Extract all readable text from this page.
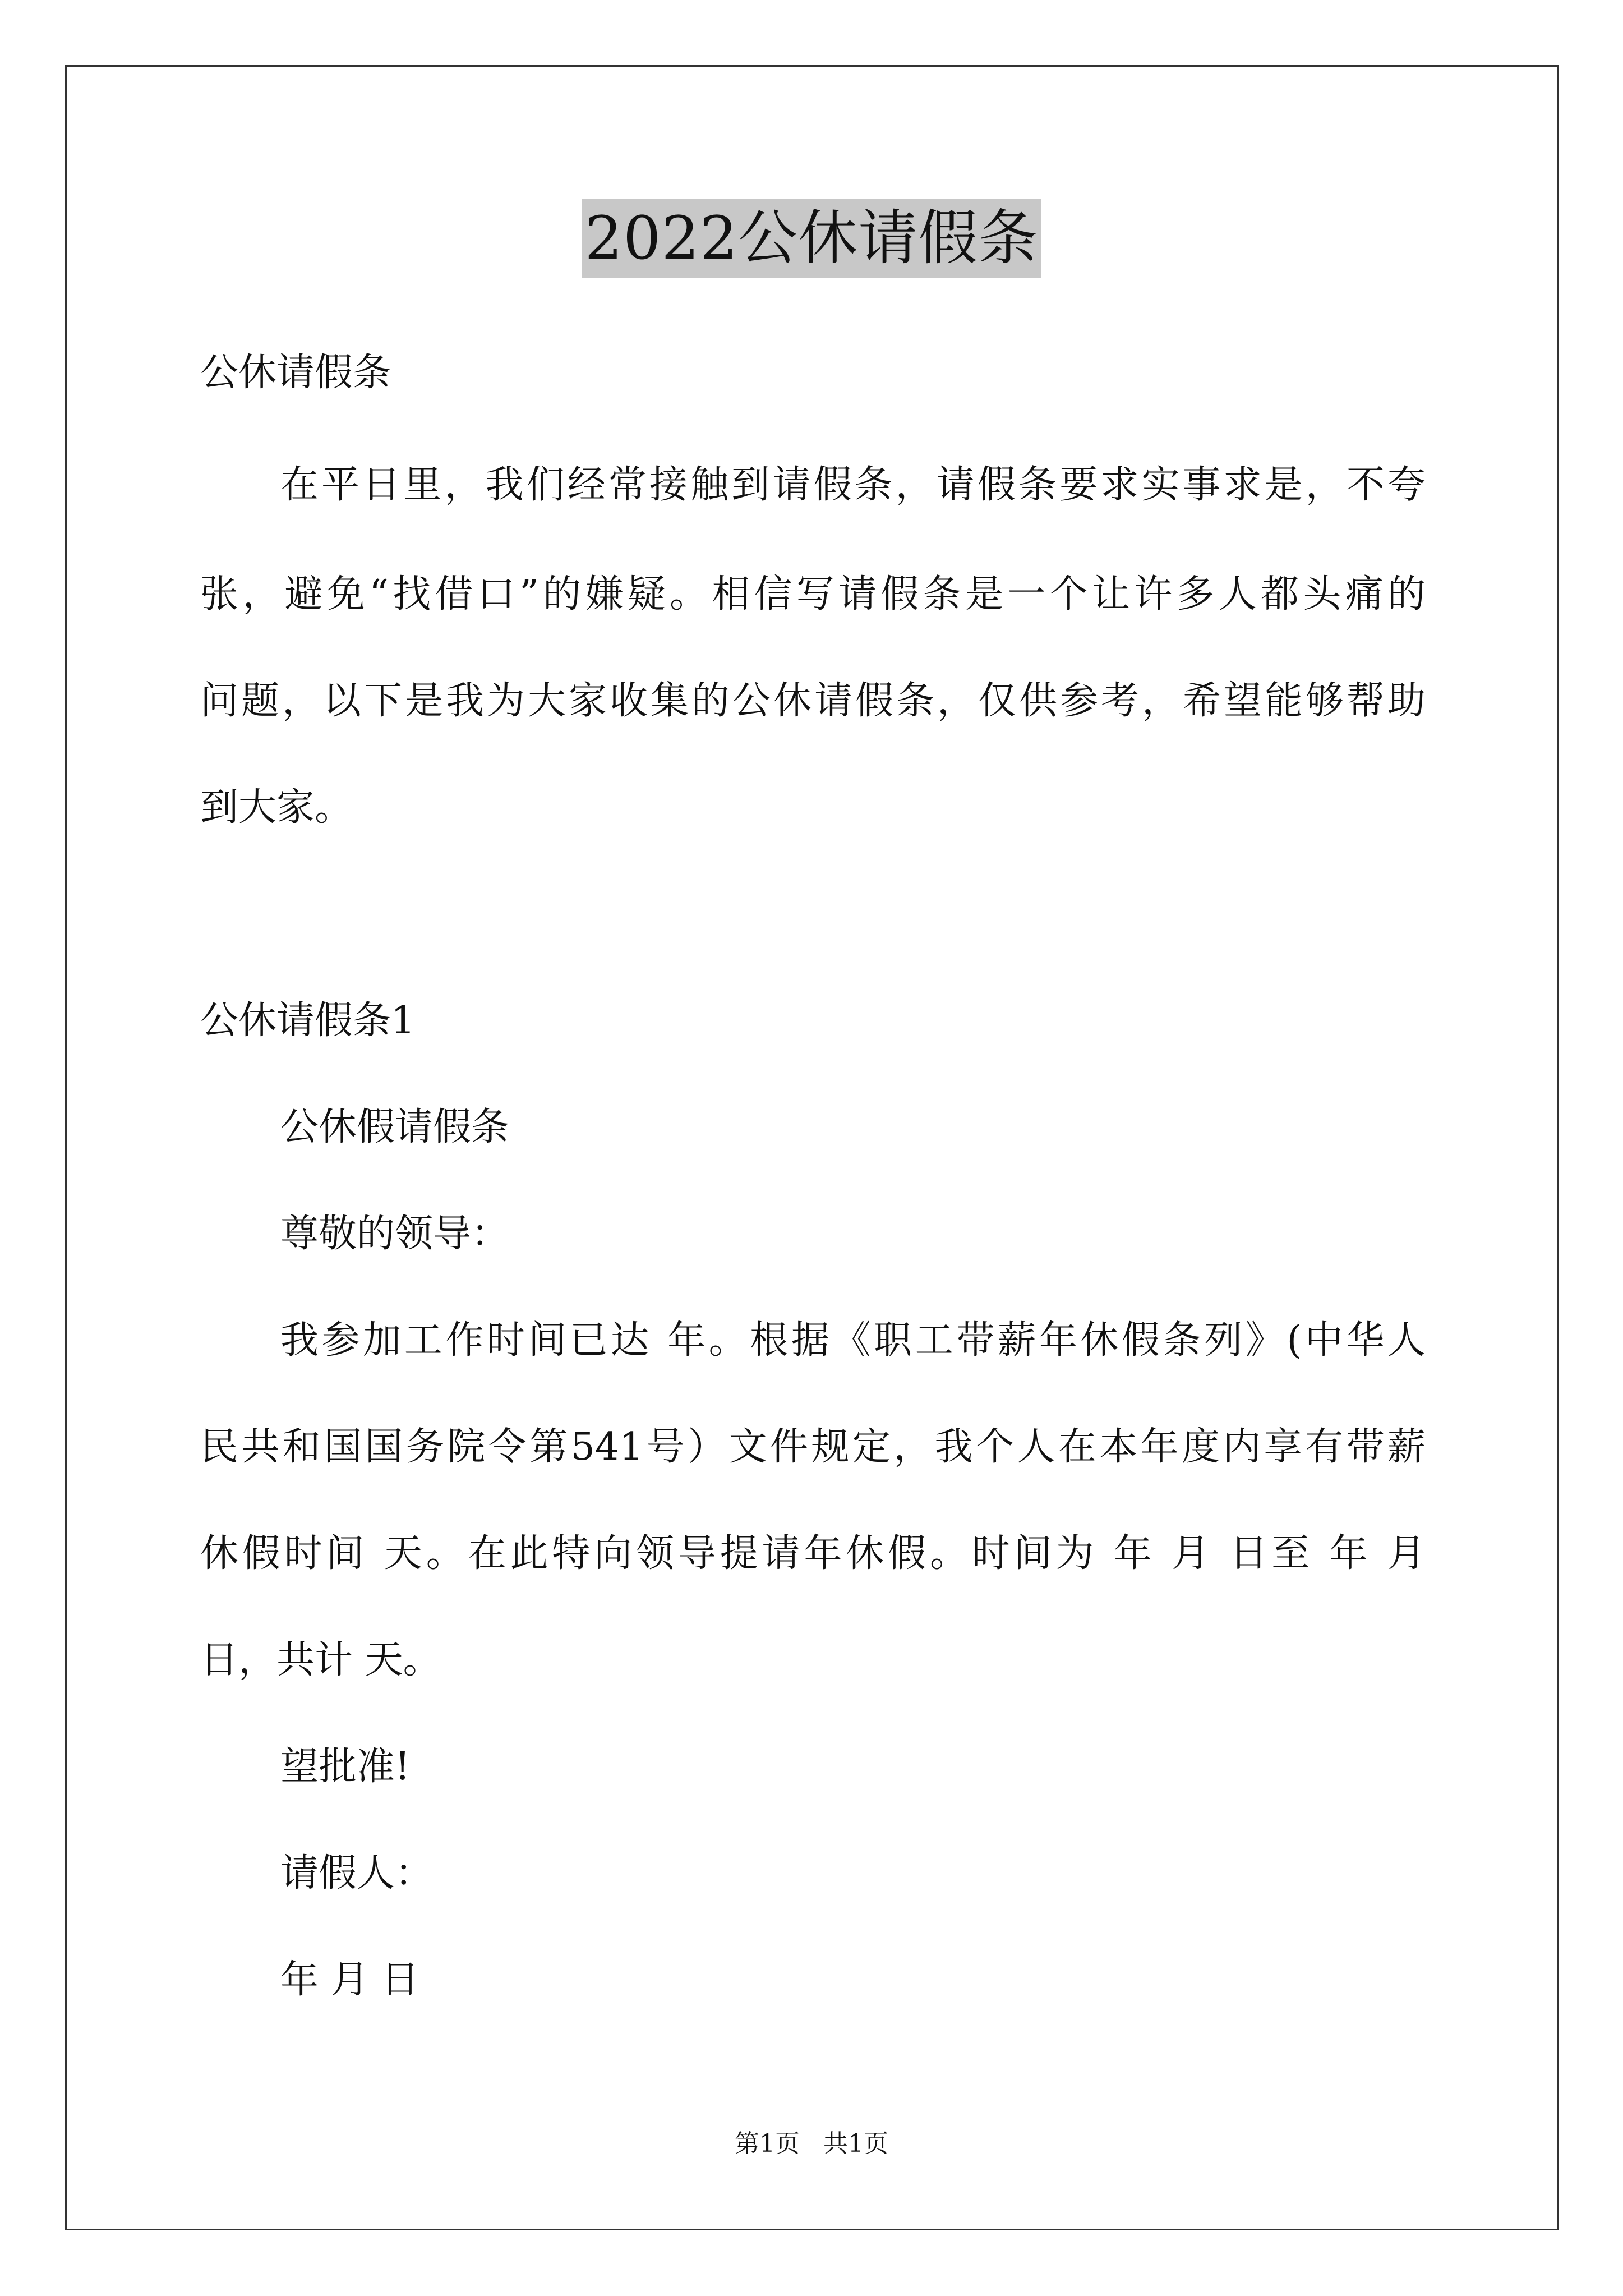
2022公休请假条
公休请假条
在平日里，我们经常接触到请假条，请假条要求实事求是，不夸
张，避免“找借口”的嫌疑。相信写请假条是一个让许多人都头痛的
问题，以下是我为大家收集的公休请假条，仅供参考，希望能够帮助
到大家。
公休请假条1
公休假请假条
尊敬的领导：
我参加工作时间已达 年。根据《职工带薪年休假条列》(中华人
民共和国国务院令第541号）文件规定，我个人在本年度内享有带薪
休假时间 天。在此特向领导提请年休假。时间为 年 月 日至 年 月
日，共计 天。
望批准!
请假人：
年 月 日
第1页   共1页
